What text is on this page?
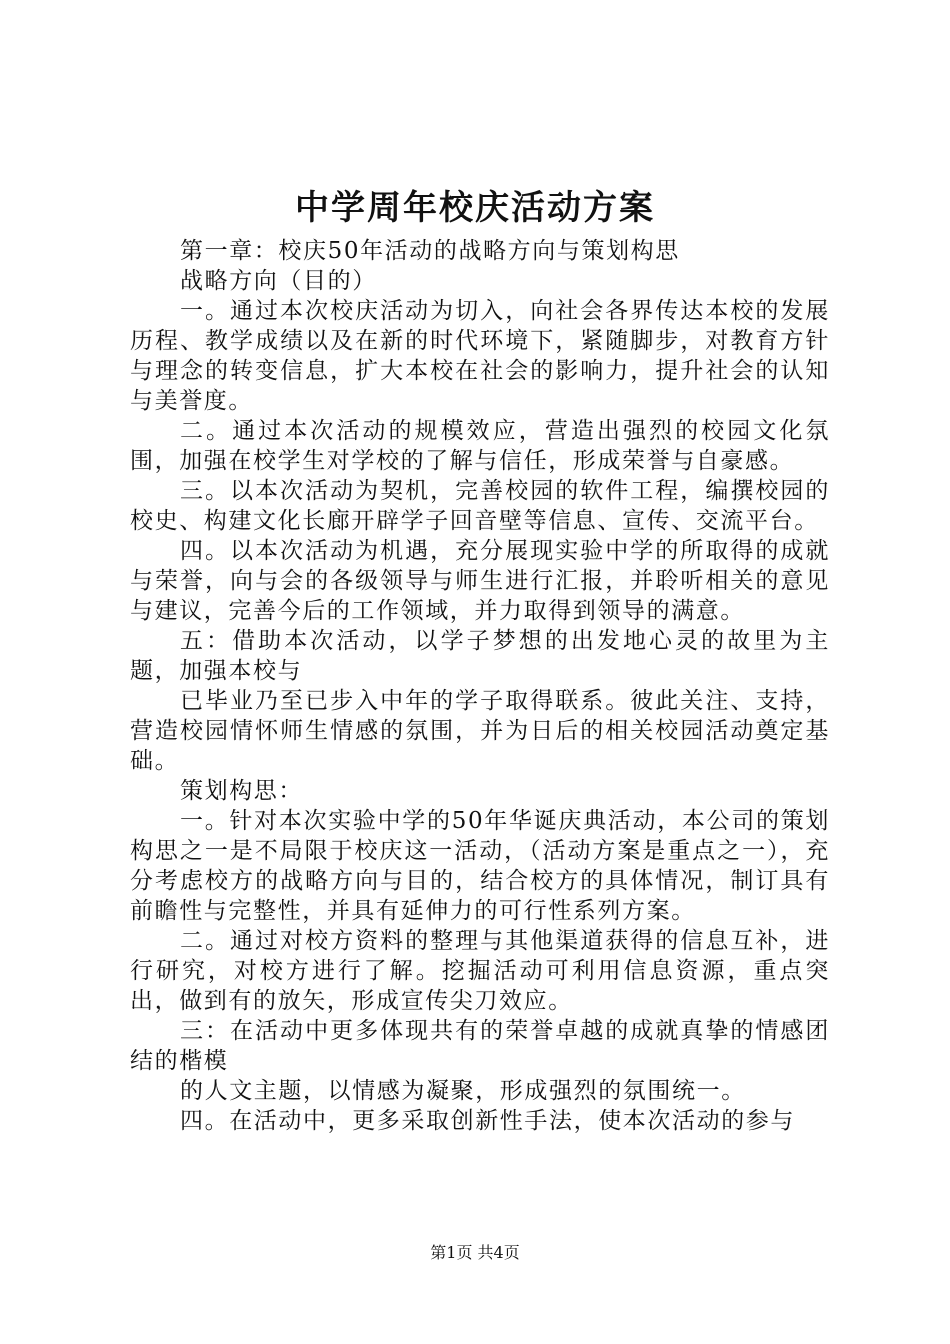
中学周年校庆活动方案

第一章：校庆50年活动的战略方向与策划构思

战略方向（目的）

一。通过本次校庆活动为切入，向社会各界传达本校的发展历程、教学成绩以及在新的时代环境下，紧随脚步，对教育方针与理念的转变信息，扩大本校在社会的影响力，提升社会的认知与美誉度。

二。通过本次活动的规模效应，营造出强烈的校园文化氛围，加强在校学生对学校的了解与信任，形成荣誉与自豪感。

三。以本次活动为契机，完善校园的软件工程，编撰校园的校史、构建文化长廊开辟学子回音壁等信息、宣传、交流平台。

四。以本次活动为机遇，充分展现实验中学的所取得的成就与荣誉，向与会的各级领导与师生进行汇报，并聆听相关的意见与建议，完善今后的工作领域，并力取得到领导的满意。

五：借助本次活动，以学子梦想的出发地心灵的故里为主题，加强本校与

已毕业乃至已步入中年的学子取得联系。彼此关注、支持，营造校园情怀师生情感的氛围，并为日后的相关校园活动奠定基础。

策划构思：

一。针对本次实验中学的50年华诞庆典活动，本公司的策划构思之一是不局限于校庆这一活动，（活动方案是重点之一），充分考虑校方的战略方向与目的，结合校方的具体情况，制订具有前瞻性与完整性，并具有延伸力的可行性系列方案。

二。通过对校方资料的整理与其他渠道获得的信息互补，进行研究，对校方进行了解。挖掘活动可利用信息资源，重点突出，做到有的放矢，形成宣传尖刀效应。

三：在活动中更多体现共有的荣誉卓越的成就真挚的情感团结的楷模

的人文主题，以情感为凝聚，形成强烈的氛围统一。

四。在活动中，更多采取创新性手法，使本次活动的参与

第1页 共4页
